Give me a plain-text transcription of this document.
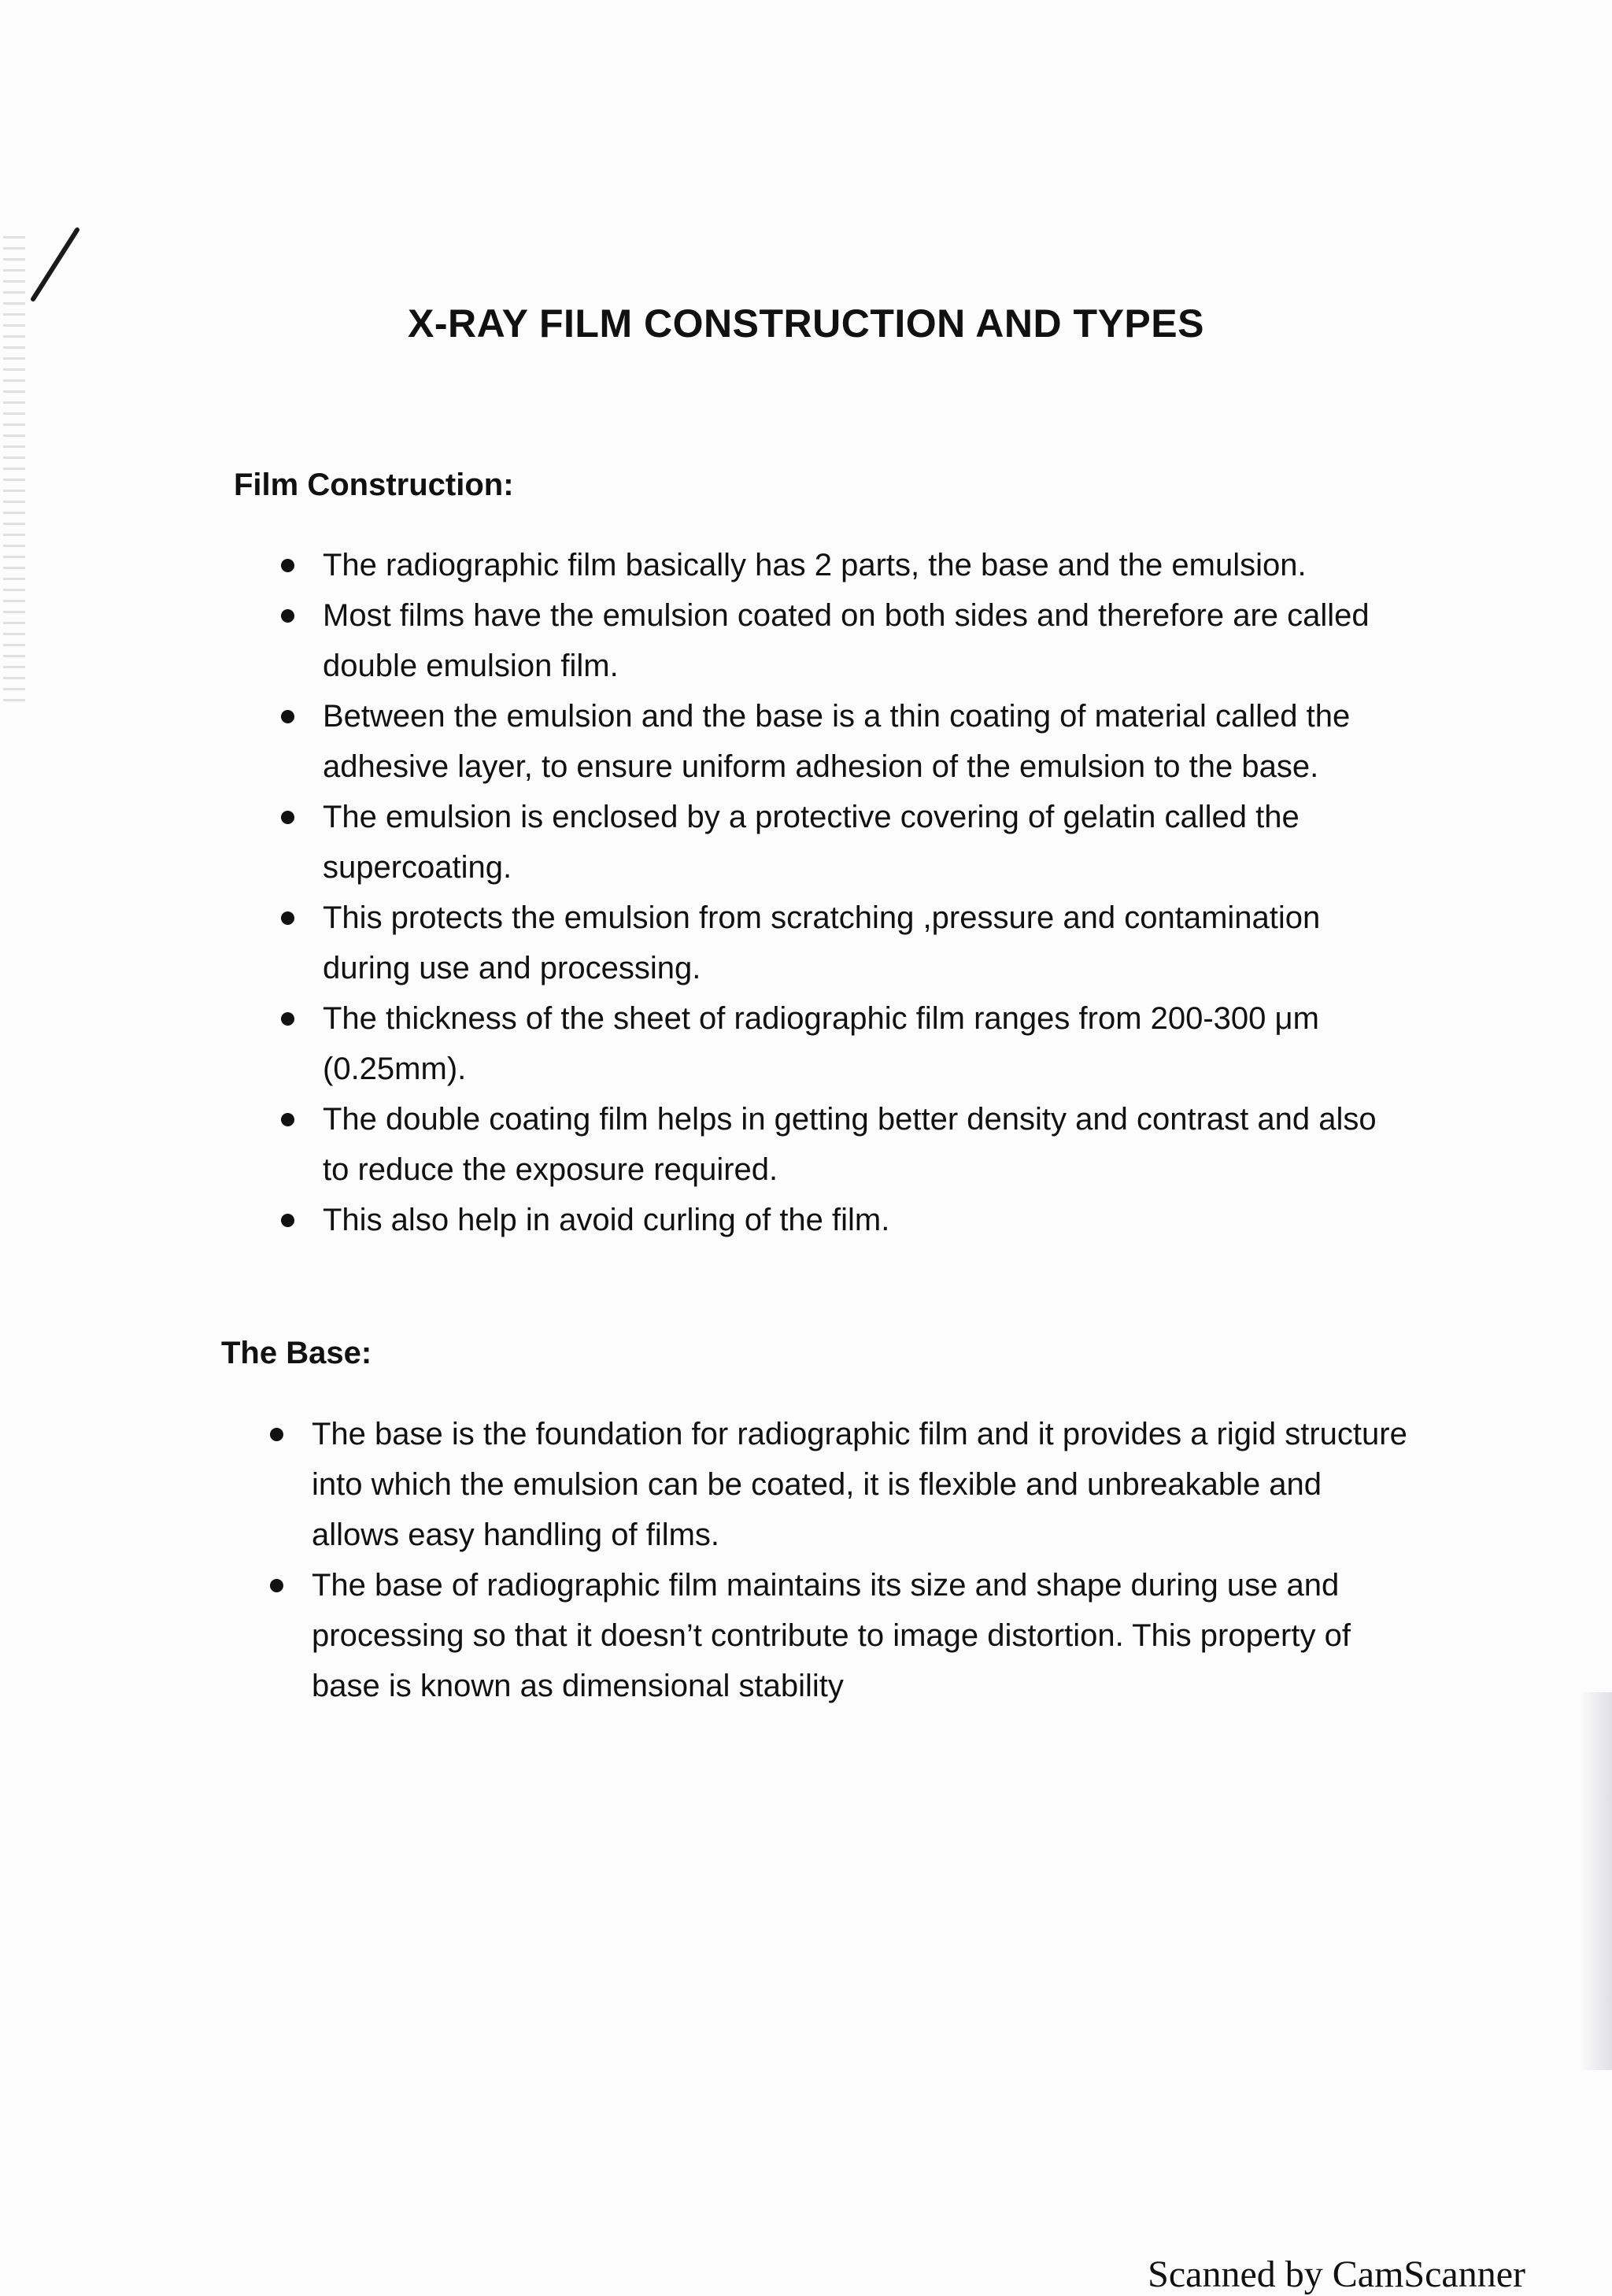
X-RAY FILM CONSTRUCTION AND TYPES
Film Construction:
The radiographic film basically has 2 parts, the base and the emulsion.
Most films have the emulsion coated on both sides and therefore are called double emulsion film.
Between the emulsion and the base is a thin coating of material called the adhesive layer, to ensure uniform adhesion of the emulsion to the base.
The emulsion is enclosed by a protective covering of gelatin called the supercoating.
This protects the emulsion from scratching ,pressure and contamination during use and processing.
The thickness of the sheet of radiographic film ranges from 200-300 μm (0.25mm).
The double coating film helps in getting better density and contrast and also to reduce the exposure required.
This also help in avoid curling of the film.
The Base:
The base is the foundation for radiographic film and it provides a rigid structure into which the emulsion can be coated, it is flexible and unbreakable and allows easy handling of films.
The base of radiographic film maintains its size and shape during use and processing so that it doesn’t contribute to image distortion. This property of base is known as dimensional stability

Scanned by CamScanner
